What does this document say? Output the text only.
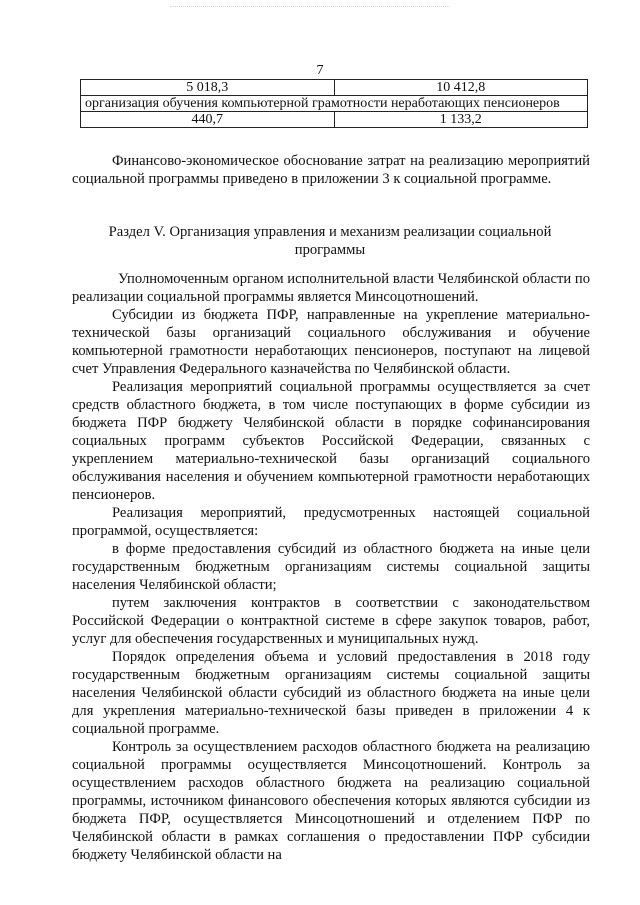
7
5 018,3	10 412,8
организация обучения компьютерной грамотности неработающих пенсионеров	
440,7	1 133,2

Финансово-экономическое обоснование затрат на реализацию мероприятий социальной программы приведено в приложении 3 к социальной программе.

Раздел V. Организация управления и механизм реализации социальной
программы

Уполномоченным органом исполнительной власти Челябинской области по реализации социальной программы является Минсоцотношений.

Субсидии из бюджета ПФР, направленные на укрепление материально-технической базы организаций социального обслуживания и обучение компьютерной грамотности неработающих пенсионеров, поступают на лицевой счет Управления Федерального казначейства по Челябинской области.

Реализация мероприятий социальной программы осуществляется за счет средств областного бюджета, в том числе поступающих в форме субсидии из бюджета ПФР бюджету Челябинской области в порядке софинансирования социальных программ субъектов Российской Федерации, связанных с укреплением материально-технической базы организаций социального обслуживания населения и обучением компьютерной грамотности неработающих пенсионеров.

Реализация мероприятий, предусмотренных настоящей социальной программой, осуществляется:

в форме предоставления субсидий из областного бюджета на иные цели государственным бюджетным организациям системы социальной защиты населения Челябинской области;

путем заключения контрактов в соответствии с законодательством Российской Федерации о контрактной системе в сфере закупок товаров, работ, услуг для обеспечения государственных и муниципальных нужд.

Порядок определения объема и условий предоставления в 2018 году государственным бюджетным организациям системы социальной защиты населения Челябинской области субсидий из областного бюджета на иные цели для укрепления материально-технической базы приведен в приложении 4 к социальной программе.

Контроль за осуществлением расходов областного бюджета на реализацию социальной программы осуществляется Минсоцотношений. Контроль за осуществлением расходов областного бюджета на реализацию социальной программы, источником финансового обеспечения которых являются субсидии из бюджета ПФР, осуществляется Минсоцотношений и отделением ПФР по Челябинской области в рамках соглашения о предоставлении ПФР субсидии бюджету Челябинской области на
